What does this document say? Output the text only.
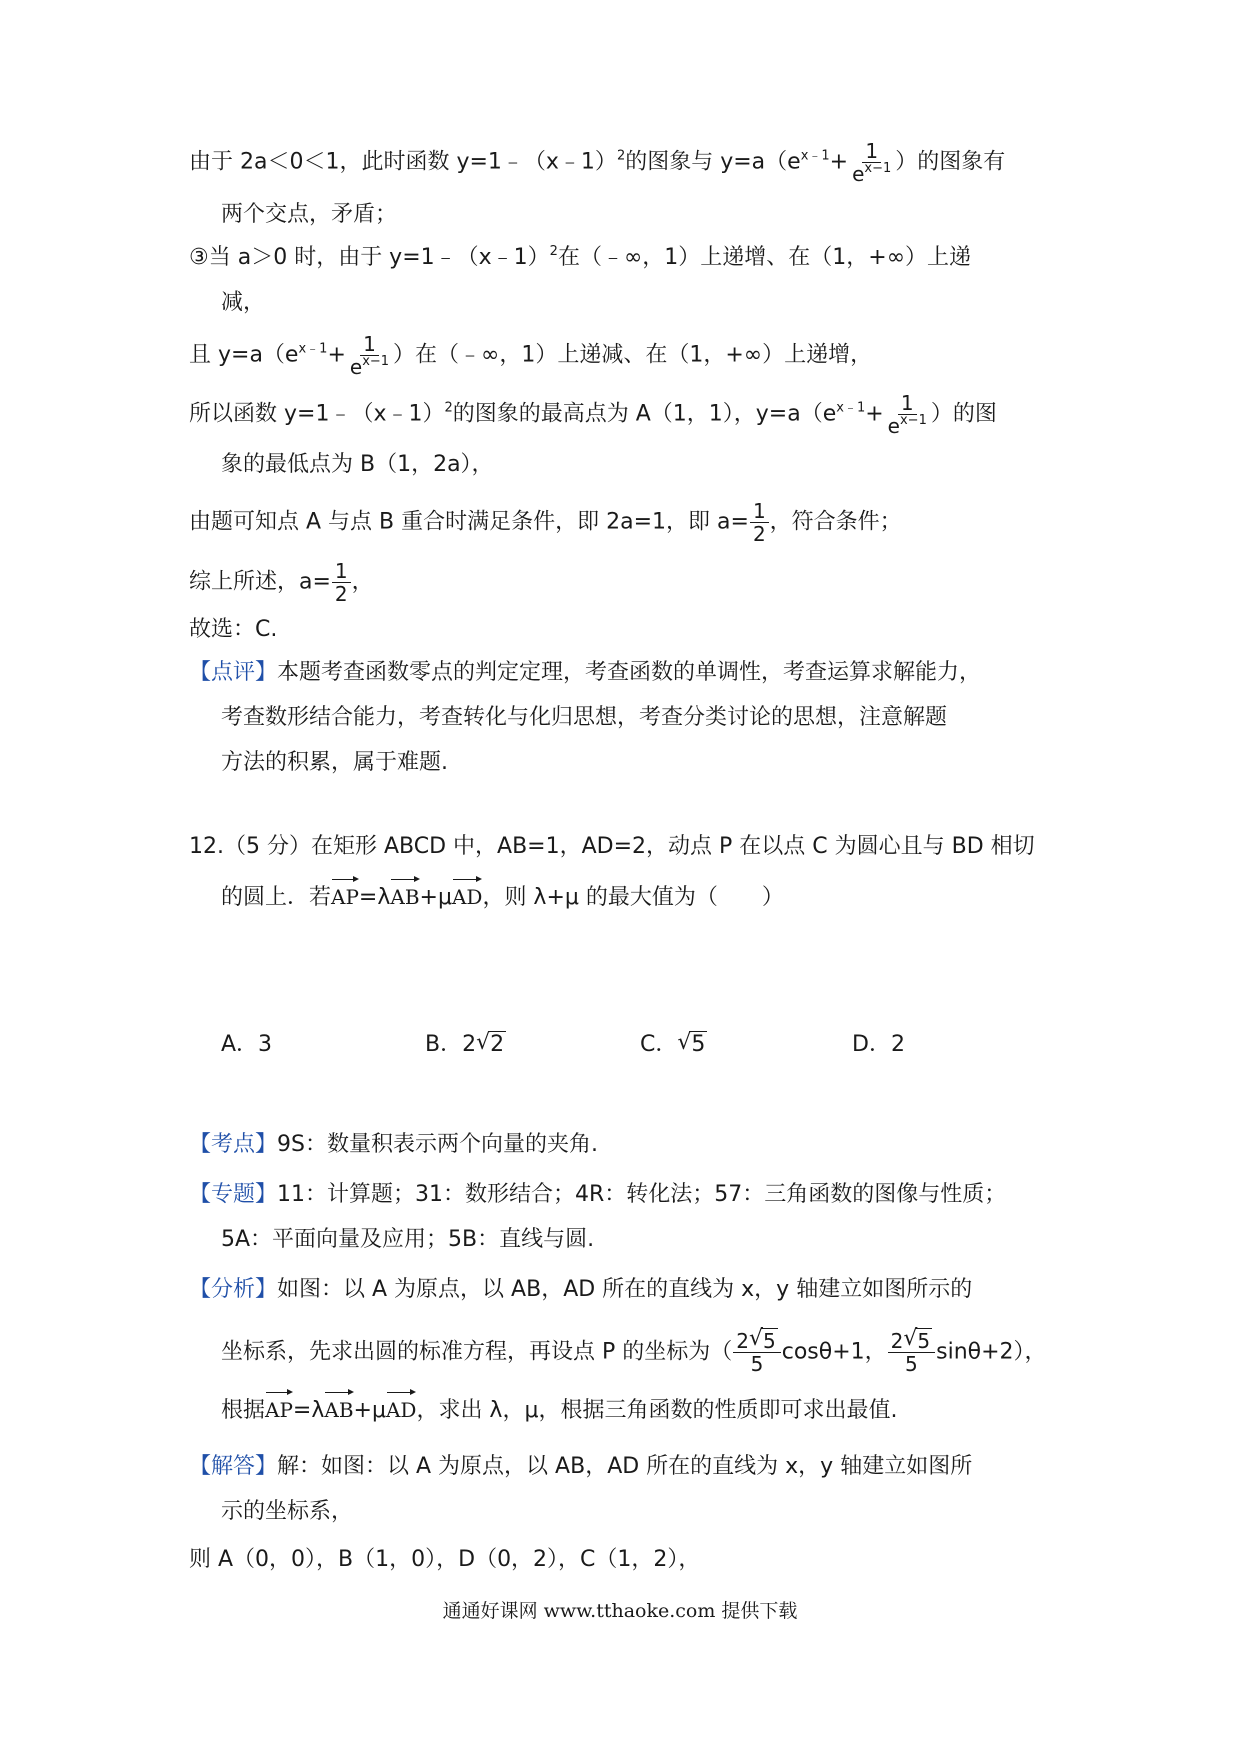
由于 2a＜0＜1，此时函数 y=1﹣（x﹣1）$^2$的图象与 $y=a(e^{x﹣1}+ \frac{1}{e^{x-1}}$ ）的图象有
两个交点，矛盾；
③当 a＞0 时，由于 y=1﹣（x﹣1）$^2$在（﹣∞，1）上递增、在（1，+∞）上递
减，
且 $y=a(e^{x﹣1}+ \frac{1}{e^{x-1}}$ ）在（﹣∞，1）上递减、在（1，+∞）上递增，
所以函数 y=1﹣（x﹣1）$^2$的图象的最高点为 A（1，1），$y=a(e^{x﹣1}+ \frac{1}{e^{x-1}}$ ）的图
象的最低点为 B（1，2a），
由题可知点 A 与点 B 重合时满足条件，即 2a=1，即 $a= \frac{1}{2}$ ，符合条件；
综上所述，$a= \frac{1}{2}$ ，
故选：C.
【点评】本题考查函数零点的判定定理，考查函数的单调性，考查运算求解能力，
考查数形结合能力，考查转化与化归思想，考查分类讨论的思想，注意解题
方法的积累，属于难题.
12.（5 分）在矩形 ABCD 中，AB=1，AD=2，动点 P 在以点 C 为圆心且与 BD 相切
的圆上．若AP=λAB+μAD，则 λ+μ 的最大值为（　　）
A．3	B．2 √ 2	C． √ 5	D．2
【考点】9S：数量积表示两个向量的夹角.
【专题】11：计算题；31：数形结合；4R：转化法；57：三角函数的图像与性质；
5A：平面向量及应用；5B：直线与圆.
【分析】如图：以 A 为原点，以 AB，AD 所在的直线为 x，y 轴建立如图所示的
坐标系，先求出圆的标准方程，再设点 P 的坐标为（ $\frac{2 √ 5}{5} \cos\theta+1$， $\frac{2 √ 5}{5} \sin\theta+2$），
根据AP=λAB+μAD，求出 λ，μ，根据三角函数的性质即可求出最值.
【解答】解：如图：以 A 为原点，以 AB，AD 所在的直线为 x，y 轴建立如图所
示的坐标系，
则 A（0，0），B（1，0），D（0，2），C（1，2），
通通好课网 www.tthaoke.com 提供下载
